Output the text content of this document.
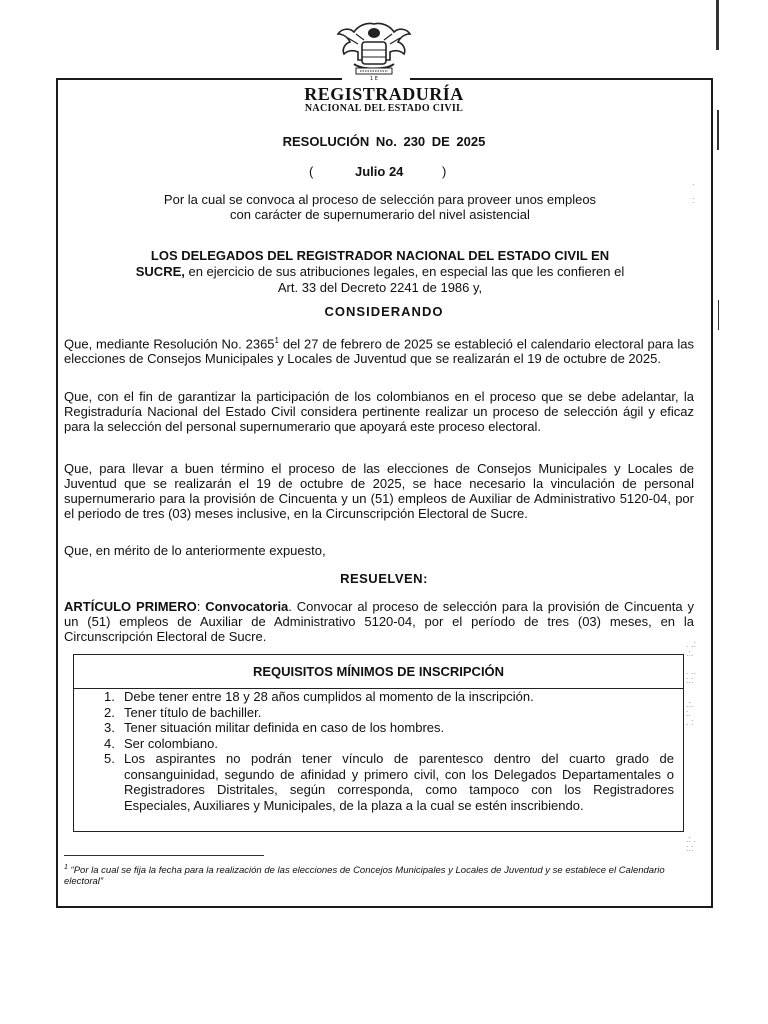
. .:
.:.

. ..
:.:
.:.
:.
. :
.: .
:.:
.

:
1 E
REGISTRADURÍA
NACIONAL DEL ESTADO CIVIL
RESOLUCIÓN No. 230 DE 2025
(	Julio 24	)
Por la cual se convoca al proceso de selección para proveer unos empleos con carácter de supernumerario del nivel asistencial
LOS DELEGADOS DEL REGISTRADOR NACIONAL DEL ESTADO CIVIL EN SUCRE, en ejercicio de sus atribuciones legales, en especial las que les confieren el Art. 33 del Decreto 2241 de 1986 y,
CONSIDERANDO
Que, mediante Resolución No. 2365$^1$ del 27 de febrero de 2025 se estableció el calendario electoral para las elecciones de Consejos Municipales y Locales de Juventud que se realizarán el 19 de octubre de 2025.
Que, con el fin de garantizar la participación de los colombianos en el proceso que se debe adelantar, la Registraduría Nacional del Estado Civil considera pertinente realizar un proceso de selección ágil y eficaz para la selección del personal supernumerario que apoyará este proceso electoral.
Que, para llevar a buen término el proceso de las elecciones de Consejos Municipales y Locales de Juventud que se realizarán el 19 de octubre de 2025, se hace necesario la vinculación de personal supernumerario para la provisión de Cincuenta y un (51) empleos de Auxiliar de Administrativo 5120-04, por el periodo de tres (03) meses inclusive, en la Circunscripción Electoral de Sucre.
Que, en mérito de lo anteriormente expuesto,
RESUELVEN:
ARTÍCULO PRIMERO: Convocatoria. Convocar al proceso de selección para la provisión de Cincuenta y un (51) empleos de Auxiliar de Administrativo 5120-04, por el período de tres (03) meses, en la Circunscripción Electoral de Sucre.
REQUISITOS MÍNIMOS DE INSCRIPCIÓN
1. Debe tener entre 18 y 28 años cumplidos al momento de la inscripción.
2. Tener título de bachiller.
3. Tener situación militar definida en caso de los hombres.
4. Ser colombiano.
5. Los aspirantes no podrán tener vínculo de parentesco dentro del cuarto grado de consanguinidad, segundo de afinidad y primero civil, con los Delegados Departamentales o Registradores Distritales, según corresponda, como tampoco con los Registradores Especiales, Auxiliares y Municipales, de la plaza a la cual se estén inscribiendo.
$^1$ “Por la cual se fija la fecha para la realización de las elecciones de Concejos Municipales y Locales de Juventud y se establece el Calendario electoral”
